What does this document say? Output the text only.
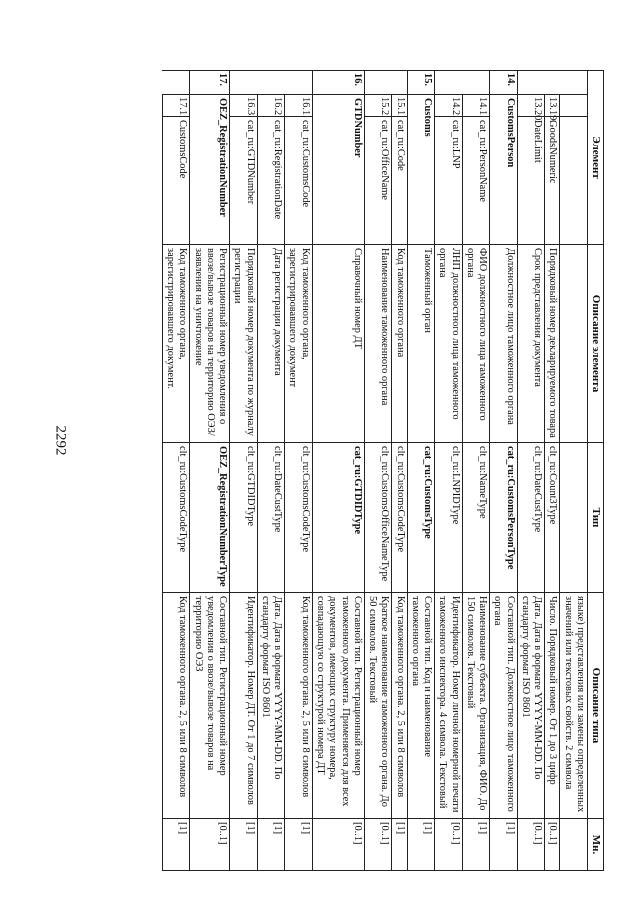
2292
Элемент			Описание элемента	Тип	Описание типа	Мн.
					языке) представления или замены определенных значений или текстовых свойств. 2 символа	
	13.19.	GoodsNumeric	Порядковый номер декларируемого товара	clt_ru:Count3Type	Число. Порядковый номер. От 1 до 3 цифр	[0..1]
	13.20.	DateLimit	Срок представления документа	clt_ru:DateCustType	Дата. Дата в формате YYYY-MM-DD. По стандарту формат ISO 8601	[0..1]
14.	CustomsPerson		Должностное лицо таможенного органа	cat_ru:CustomsPersonType	Составной тип. Должностное лицо таможенного органа	[1]
	14.1.	cat_ru:PersonName	ФИО должностного лица таможенного органа	clt_ru:NameType	Наименование субъекта. Организация, ФИО. До 150 символов. Текстовый	[1]
	14.2.	cat_ru:LNP	ЛНП должностного лица таможенного органа	clt_ru:LNPIDType	Идентификатор. Номер личной номерной печати таможенного инспектора. 4 символа. Текстовый	[0..1]
15.	Customs		Таможенный орган	cat_ru:CustomsType	Составной тип. Код и наименование таможенного органа	[1]
	15.1.	cat_ru:Code	Код таможенного органа	clt_ru:CustomsCodeType	Код таможенного органа. 2, 5 или 8 символов	[1]
	15.2.	cat_ru:OfficeName	Наименование таможенного органа	clt_ru:CustomsOfficeNameType	Краткое наименование таможенного органа. До 50 символов. Текстовый	[0..1]
16.	GTDNumber		Справочный номер ДТ	cat_ru:GTDIDType	Составной тип. Регистрационный номер таможенного документа. Применяется для всех документов, имеющих структуру номера, совпадающую со структурой номера ДТ	[0..1]
	16.1.	cat_ru:CustomsCode	Код таможенного органа, зарегистрировавшего документ	clt_ru:CustomsCodeType	Код таможенного органа. 2, 5 или 8 символов	[1]
	16.2.	cat_ru:RegistrationDate	Дата регистрации документа	clt_ru:DateCustType	Дата. Дата в формате YYYY-MM-DD. По стандарту формат ISO 8601	[1]
	16.3.	cat_ru:GTDNumber	Порядковый номер документа по журналу регистрации	clt_ru:GTDIDType	Идентификатор. Номер ДТ. От 1 до 7 символов	[1]
17.	OEZ_RegistrationNumber		Регистрационный номер уведомления о ввозе/вывозе товаров на территорию ОЭЗ/заявления на уничтожение	OEZ_RegistrationNumberType	Составной тип. Регистрационный номер уведомления о ввозе/вывозе товаров на территорию ОЭЗ	[0..1]
	17.1.	CustomsCode	Код таможенного органа, зарегистрировавшего документ.	clt_ru:CustomsCodeType	Код таможенного органа. 2, 5 или 8 символов	[1]
